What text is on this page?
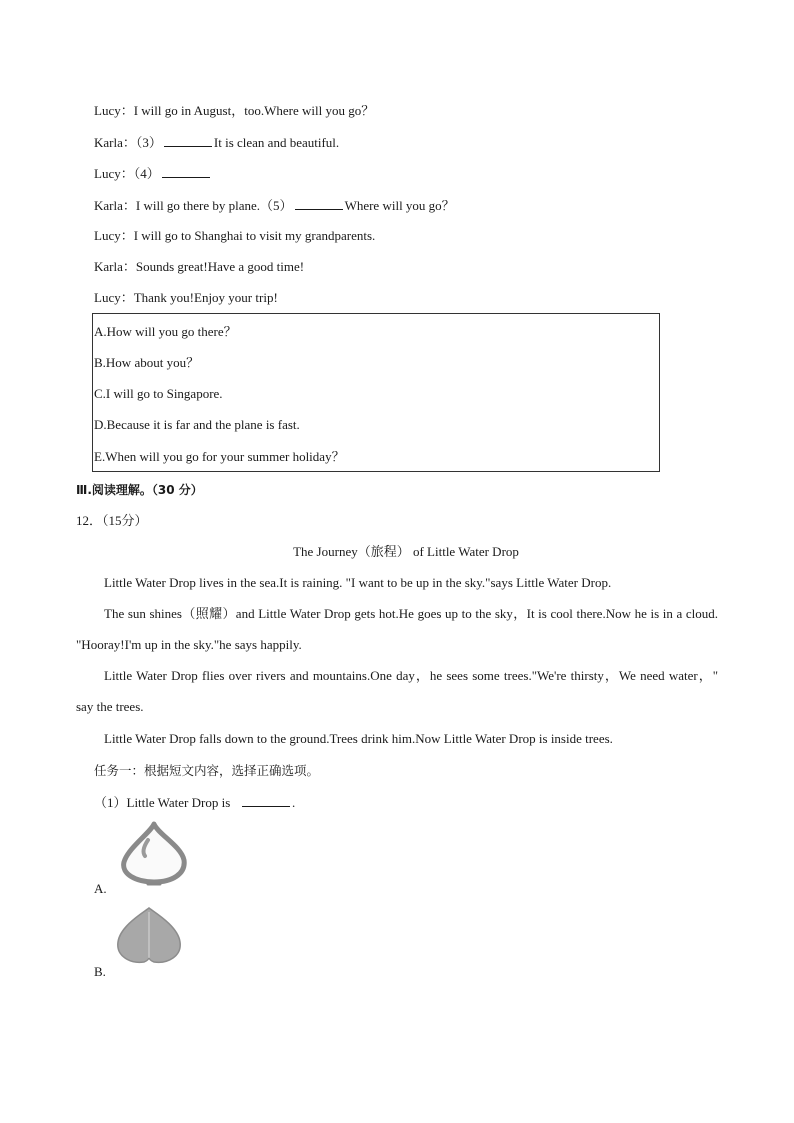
Lucy：I will go in August，too.Where will you go？
Karla：（3）	It is clean and beautiful.
Lucy：（4）
Karla：I will go there by plane.（5）	Where will you go？
Lucy：I will go to Shanghai to visit my grandparents.
Karla：Sounds great!Have a good time!
Lucy：Thank you!Enjoy your trip!
A.How will you go there？
B.How about you？
C.I will go to Singapore.
D.Because it is far and the plane is fast.
E.When will you go for your summer holiday？
Ⅲ.阅读理解。（30 分）
12．（15分）
The Journey（旅程） of Little Water Drop
Little Water Drop lives in the sea.It is raining. "I want to be up in the sky."says Little Water Drop.
The sun shines（照耀）and Little Water Drop gets hot.He goes up to the sky，It is cool there.Now he is in a cloud. "Hooray!I'm up in the sky."he says happily.
Little Water Drop flies over rivers and mountains.One day，he sees some trees."We're thirsty，We need water，" say the trees.
Little Water Drop falls down to the ground.Trees drink him.Now Little Water Drop is inside trees.
任务一：根据短文内容，选择正确选项。
（1）Little Water Drop is	.
A.
B.
